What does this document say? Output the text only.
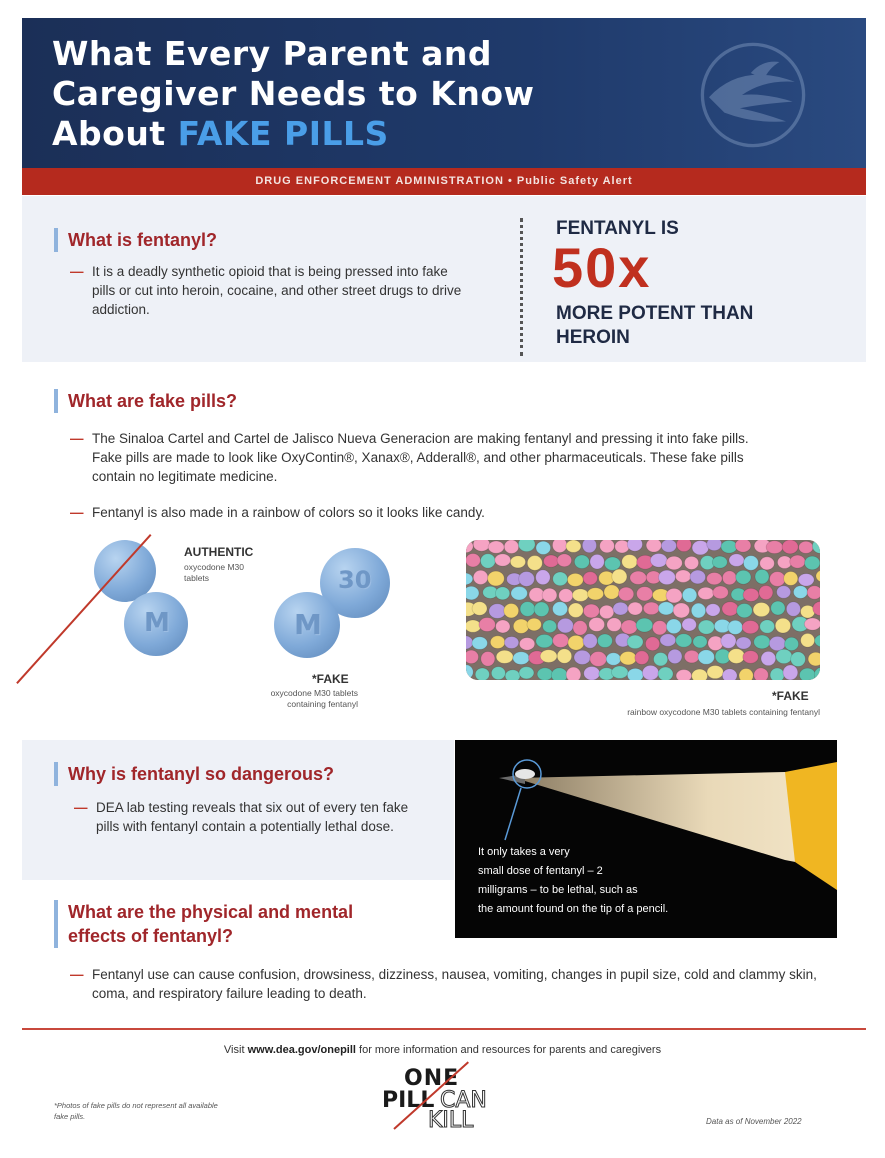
What Every Parent and
Caregiver Needs to Know
About FAKE PILLS
DRUG ENFORCEMENT ADMINISTRATION • Public Safety Alert
What is fentanyl?
— It is a deadly synthetic opioid that is being pressed into fake pills or cut into heroin, cocaine, and other street drugs to drive addiction.
FENTANYL IS
50x
MORE POTENT THAN HEROIN
What are fake pills?
— The Sinaloa Cartel and Cartel de Jalisco Nueva Generacion are making fentanyl and pressing it into fake pills. Fake pills are made to look like OxyContin®, Xanax®, Adderall®, and other pharmaceuticals. These fake pills contain no legitimate medicine.
— Fentanyl is also made in a rainbow of colors so it looks like candy.
M
AUTHENTIC
oxycodone M30 tablets	30
M
*FAKE
oxycodone M30 tablets containing fentanyl
*FAKE
rainbow oxycodone M30 tablets containing fentanyl
Why is fentanyl so dangerous?
— DEA lab testing reveals that six out of every ten fake pills with fentanyl contain a potentially lethal dose.
It only takes a very
small dose of fentanyl – 2
milligrams – to be lethal, such as
the amount found on the tip of a pencil.
What are the physical and mental
effects of fentanyl?
— Fentanyl use can cause confusion, drowsiness, dizziness, nausea, vomiting, changes in pupil size, cold and clammy skin, coma, and respiratory failure leading to death.
Visit www.dea.gov/onepill for more information and resources for parents and caregivers
*Photos of fake pills do not represent all available fake pills.
ONE
PILL CAN
KILL	Data as of November 2022
